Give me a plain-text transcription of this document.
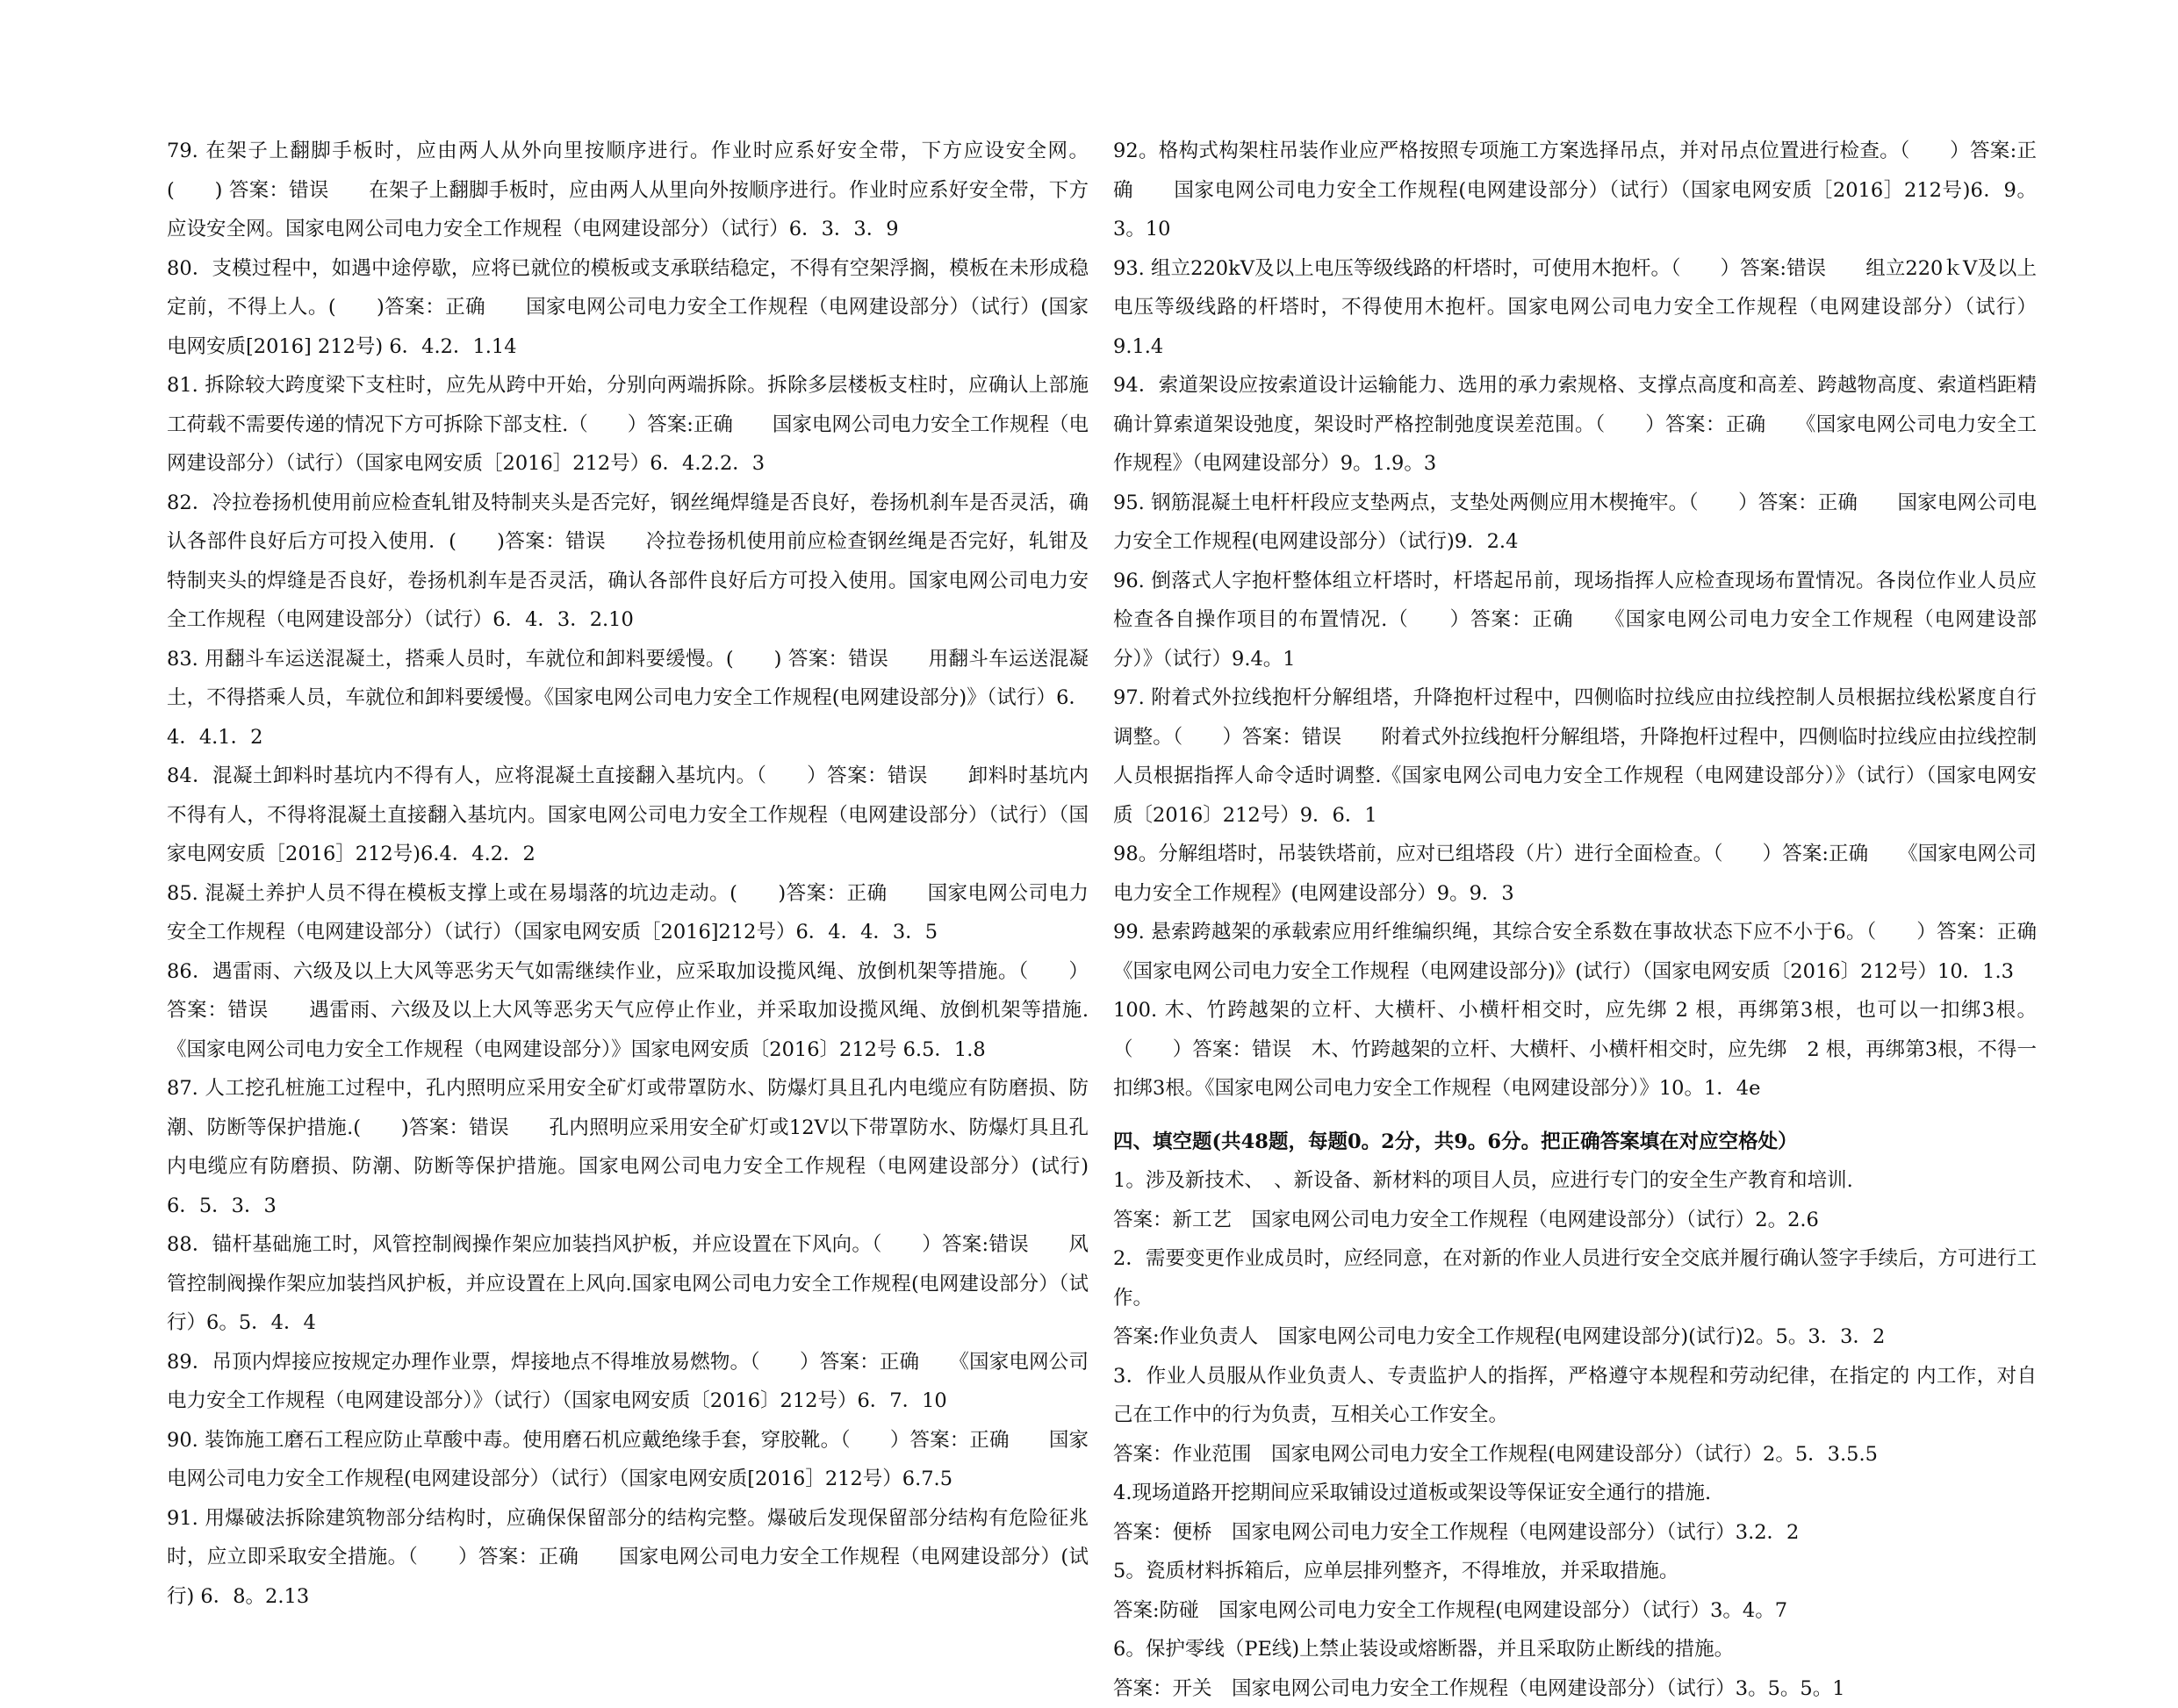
79. 在架子上翻脚手板时，应由两人从外向里按顺序进行。作业时应系好安全带，下方应设安全网。(　　) 答案：错误　　在架子上翻脚手板时，应由两人从里向外按顺序进行。作业时应系好安全带，下方应设安全网。国家电网公司电力安全工作规程（电网建设部分）（试行）6．3．3．9

80．支模过程中，如遇中途停歇，应将已就位的模板或支承联结稳定，不得有空架浮搁，模板在未形成稳定前，不得上人。(　　)答案：正确　　国家电网公司电力安全工作规程（电网建设部分）（试行）(国家电网安质[2016] 212号) 6．4.2．1.14

81. 拆除较大跨度梁下支柱时，应先从跨中开始，分别向两端拆除。拆除多层楼板支柱时，应确认上部施工荷载不需要传递的情况下方可拆除下部支柱.（　　）答案:正确　　国家电网公司电力安全工作规程（电网建设部分）（试行）（国家电网安质［2016］212号）6．4.2.2．3

82．冷拉卷扬机使用前应检查轧钳及特制夹头是否完好，钢丝绳焊缝是否良好，卷扬机刹车是否灵活，确认各部件良好后方可投入使用．(　　)答案：错误　　冷拉卷扬机使用前应检查钢丝绳是否完好，轧钳及特制夹头的焊缝是否良好，卷扬机刹车是否灵活，确认各部件良好后方可投入使用。国家电网公司电力安全工作规程（电网建设部分）（试行）6．4．3．2.10

83. 用翻斗车运送混凝土，搭乘人员时，车就位和卸料要缓慢。(　　) 答案：错误　　用翻斗车运送混凝土，不得搭乘人员，车就位和卸料要缓慢。《国家电网公司电力安全工作规程(电网建设部分)》（试行）6．4．4.1．2

84．混凝土卸料时基坑内不得有人，应将混凝土直接翻入基坑内。（　　）答案：错误　　卸料时基坑内不得有人，不得将混凝土直接翻入基坑内。国家电网公司电力安全工作规程（电网建设部分）（试行）（国家电网安质［2016］212号)6.4．4.2．2

85. 混凝土养护人员不得在模板支撑上或在易塌落的坑边走动。(　　)答案：正确　　国家电网公司电力安全工作规程（电网建设部分）（试行）（国家电网安质［2016]212号）6．4．4．3．5

86．遇雷雨、六级及以上大风等恶劣天气如需继续作业，应采取加设揽风绳、放倒机架等措施。（　　）答案：错误　　遇雷雨、六级及以上大风等恶劣天气应停止作业，并采取加设揽风绳、放倒机架等措施.《国家电网公司电力安全工作规程（电网建设部分）》国家电网安质〔2016〕212号 6.5．1.8

87. 人工挖孔桩施工过程中，孔内照明应采用安全矿灯或带罩防水、防爆灯具且孔内电缆应有防磨损、防潮、防断等保护措施.(　　)答案：错误　　孔内照明应采用安全矿灯或12V以下带罩防水、防爆灯具且孔内电缆应有防磨损、防潮、防断等保护措施。国家电网公司电力安全工作规程（电网建设部分）(试行) 6．5．3．3

88．锚杆基础施工时，风管控制阀操作架应加装挡风护板，并应设置在下风向。（　　）答案:错误　　风管控制阀操作架应加装挡风护板，并应设置在上风向.国家电网公司电力安全工作规程(电网建设部分）（试行）6。5．4．4

89．吊顶内焊接应按规定办理作业票，焊接地点不得堆放易燃物。（　　）答案：正确　　《国家电网公司电力安全工作规程（电网建设部分）》（试行）（国家电网安质〔2016〕212号）6．7．10

90. 装饰施工磨石工程应防止草酸中毒。使用磨石机应戴绝缘手套，穿胶靴。（　　）答案：正确　　国家电网公司电力安全工作规程(电网建设部分）（试行）（国家电网安质[2016］212号）6.7.5

91. 用爆破法拆除建筑物部分结构时，应确保保留部分的结构完整。爆破后发现保留部分结构有危险征兆时，应立即采取安全措施。（　　）答案：正确　　国家电网公司电力安全工作规程（电网建设部分）(试行) 6．8。2.13

92。格构式构架柱吊装作业应严格按照专项施工方案选择吊点，并对吊点位置进行检查。（　　）答案:正确　　国家电网公司电力安全工作规程(电网建设部分）（试行）（国家电网安质［2016］212号)6．9。3。10

93. 组立220kV及以上电压等级线路的杆塔时，可使用木抱杆。（　　）答案:错误　　组立220ｋV及以上电压等级线路的杆塔时，不得使用木抱杆。国家电网公司电力安全工作规程（电网建设部分）（试行）9.1.4

94．索道架设应按索道设计运输能力、选用的承力索规格、支撑点高度和高差、跨越物高度、索道档距精确计算索道架设弛度，架设时严格控制弛度误差范围。（　　）答案：正确　　《国家电网公司电力安全工作规程》（电网建设部分）9。1.9。3

95. 钢筋混凝土电杆杆段应支垫两点，支垫处两侧应用木楔掩牢。（　　）答案：正确　　国家电网公司电力安全工作规程(电网建设部分）（试行)9．2.4

96. 倒落式人字抱杆整体组立杆塔时，杆塔起吊前，现场指挥人应检查现场布置情况。各岗位作业人员应检查各自操作项目的布置情况.（　　）答案：正确　　《国家电网公司电力安全工作规程（电网建设部分）》（试行）9.4。1

97. 附着式外拉线抱杆分解组塔，升降抱杆过程中，四侧临时拉线应由拉线控制人员根据拉线松紧度自行调整。（　　）答案：错误　　附着式外拉线抱杆分解组塔，升降抱杆过程中，四侧临时拉线应由拉线控制人员根据指挥人命令适时调整.《国家电网公司电力安全工作规程（电网建设部分）》（试行）（国家电网安质〔2016〕212号）9．6．1

98。分解组塔时，吊装铁塔前，应对已组塔段（片）进行全面检查。（　　）答案:正确　　《国家电网公司电力安全工作规程》(电网建设部分）9。9．3

99. 悬索跨越架的承载索应用纤维编织绳，其综合安全系数在事故状态下应不小于6。（　　）答案：正确　　《国家电网公司电力安全工作规程（电网建设部分)》(试行）（国家电网安质〔2016〕212号）10．1.3

100. 木、竹跨越架的立杆、大横杆、小横杆相交时，应先绑 2 根，再绑第3根，也可以一扣绑3根。（　　）答案：错误　木、竹跨越架的立杆、大横杆、小横杆相交时，应先绑　2 根，再绑第3根，不得一扣绑3根。《国家电网公司电力安全工作规程（电网建设部分）》10。1．4e

四、填空题(共48题，每题0。2分，共9。6分。把正确答案填在对应空格处）

1。涉及新技术、　、新设备、新材料的项目人员，应进行专门的安全生产教育和培训.

答案：新工艺　国家电网公司电力安全工作规程（电网建设部分）（试行）2。2.6

2．需要变更作业成员时，应经同意，在对新的作业人员进行安全交底并履行确认签字手续后，方可进行工作。

答案:作业负责人　国家电网公司电力安全工作规程(电网建设部分)(试行)2。5。3．3．2

3．作业人员服从作业负责人、专责监护人的指挥，严格遵守本规程和劳动纪律，在指定的 内工作，对自己在工作中的行为负责，互相关心工作安全。

答案：作业范围　国家电网公司电力安全工作规程(电网建设部分）（试行）2。5．3.5.5

4.现场道路开挖期间应采取铺设过道板或架设等保证安全通行的措施.

答案：便桥　国家电网公司电力安全工作规程（电网建设部分）（试行）3.2．2

5。瓷质材料拆箱后，应单层排列整齐，不得堆放，并采取措施。

答案:防碰　国家电网公司电力安全工作规程(电网建设部分）（试行）3。4。7

6。保护零线（PE线)上禁止装设或熔断器，并且采取防止断线的措施。

答案：开关　国家电网公司电力安全工作规程（电网建设部分）（试行）3。5。5。1
